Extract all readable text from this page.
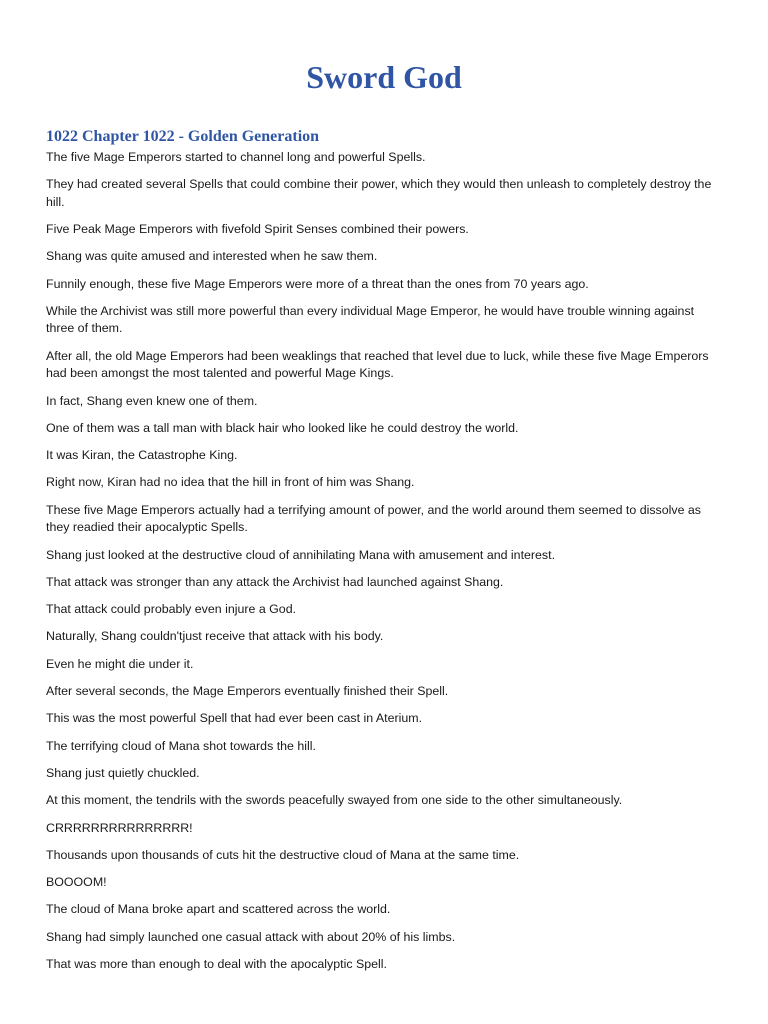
Sword God
1022 Chapter 1022 - Golden Generation

The five Mage Emperors started to channel long and powerful Spells.

They had created several Spells that could combine their power, which they would then unleash to completely destroy the hill.

Five Peak Mage Emperors with fivefold Spirit Senses combined their powers.

Shang was quite amused and interested when he saw them.

Funnily enough, these five Mage Emperors were more of a threat than the ones from 70 years ago.

While the Archivist was still more powerful than every individual Mage Emperor, he would have trouble winning against three of them.

After all, the old Mage Emperors had been weaklings that reached that level due to luck, while these five Mage Emperors had been amongst the most talented and powerful Mage Kings.

In fact, Shang even knew one of them.

One of them was a tall man with black hair who looked like he could destroy the world.

It was Kiran, the Catastrophe King.

Right now, Kiran had no idea that the hill in front of him was Shang.

These five Mage Emperors actually had a terrifying amount of power, and the world around them seemed to dissolve as they readied their apocalyptic Spells.

Shang just looked at the destructive cloud of annihilating Mana with amusement and interest.

That attack was stronger than any attack the Archivist had launched against Shang.

That attack could probably even injure a God.

Naturally, Shang couldn'tjust receive that attack with his body.

Even he might die under it.

After several seconds, the Mage Emperors eventually finished their Spell.

This was the most powerful Spell that had ever been cast in Aterium.

The terrifying cloud of Mana shot towards the hill.

Shang just quietly chuckled.

At this moment, the tendrils with the swords peacefully swayed from one side to the other simultaneously.

CRRRRRRRRRRRRRRR!

Thousands upon thousands of cuts hit the destructive cloud of Mana at the same time.

BOOOOM!

The cloud of Mana broke apart and scattered across the world.

Shang had simply launched one casual attack with about 20% of his limbs.

That was more than enough to deal with the apocalyptic Spell.
